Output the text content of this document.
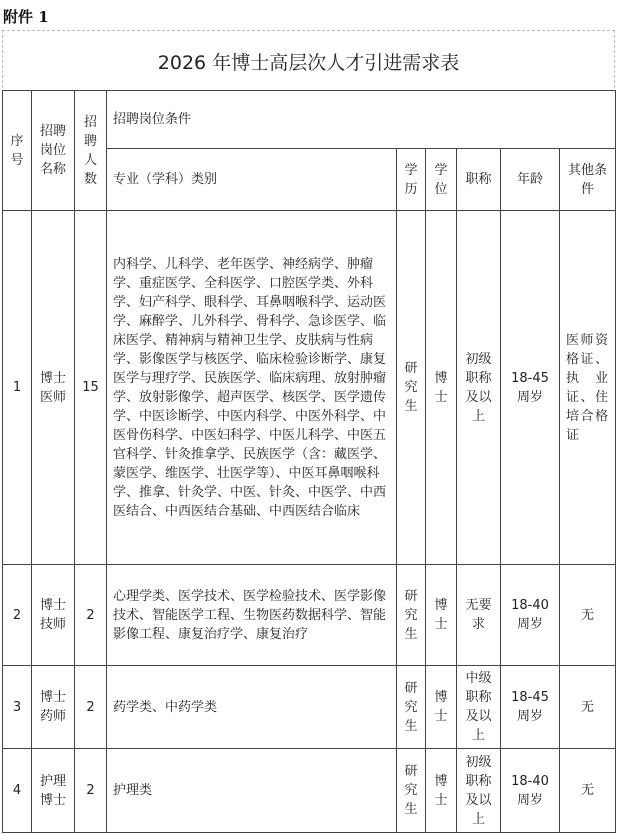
附件 1
2026 年博士高层次人才引进需求表
序号	招聘岗位名称	招聘人数	招聘岗位条件					
			专业（学科）类别	学历	学位	职称	年龄	其他条件
1	博士医师	15	内科学、儿科学、老年医学、神经病学、肿瘤学、重症医学、全科医学、口腔医学类、外科学、妇产科学、眼科学、耳鼻咽喉科学、运动医学、麻醉学、儿外科学、骨科学、急诊医学、临床医学、精神病与精神卫生学、皮肤病与性病学、影像医学与核医学、临床检验诊断学、康复医学与理疗学、民族医学、临床病理、放射肿瘤学、放射影像学、超声医学、核医学、医学遗传学、中医诊断学、中医内科学、中医外科学、中医骨伤科学、中医妇科学、中医儿科学、中医五官科学、针灸推拿学、民族医学（含：藏医学、蒙医学、维医学、壮医学等）、中医耳鼻咽喉科学、推拿、针灸学、中医、针灸、中医学、中西医结合、中西医结合基础、中西医结合临床	研究生	博士	初级职称及以上	18-45周岁	医师资格证、执业证、住培合格证
2	博士技师	2	心理学类、医学技术、医学检验技术、医学影像技术、智能医学工程、生物医药数据科学、智能影像工程、康复治疗学、康复治疗	研究生	博士	无要求	18-40周岁	无
3	博士药师	2	药学类、中药学类	研究生	博士	中级职称及以上	18-45周岁	无
4	护理博士	2	护理类	研究生	博士	初级职称及以上	18-40周岁	无
